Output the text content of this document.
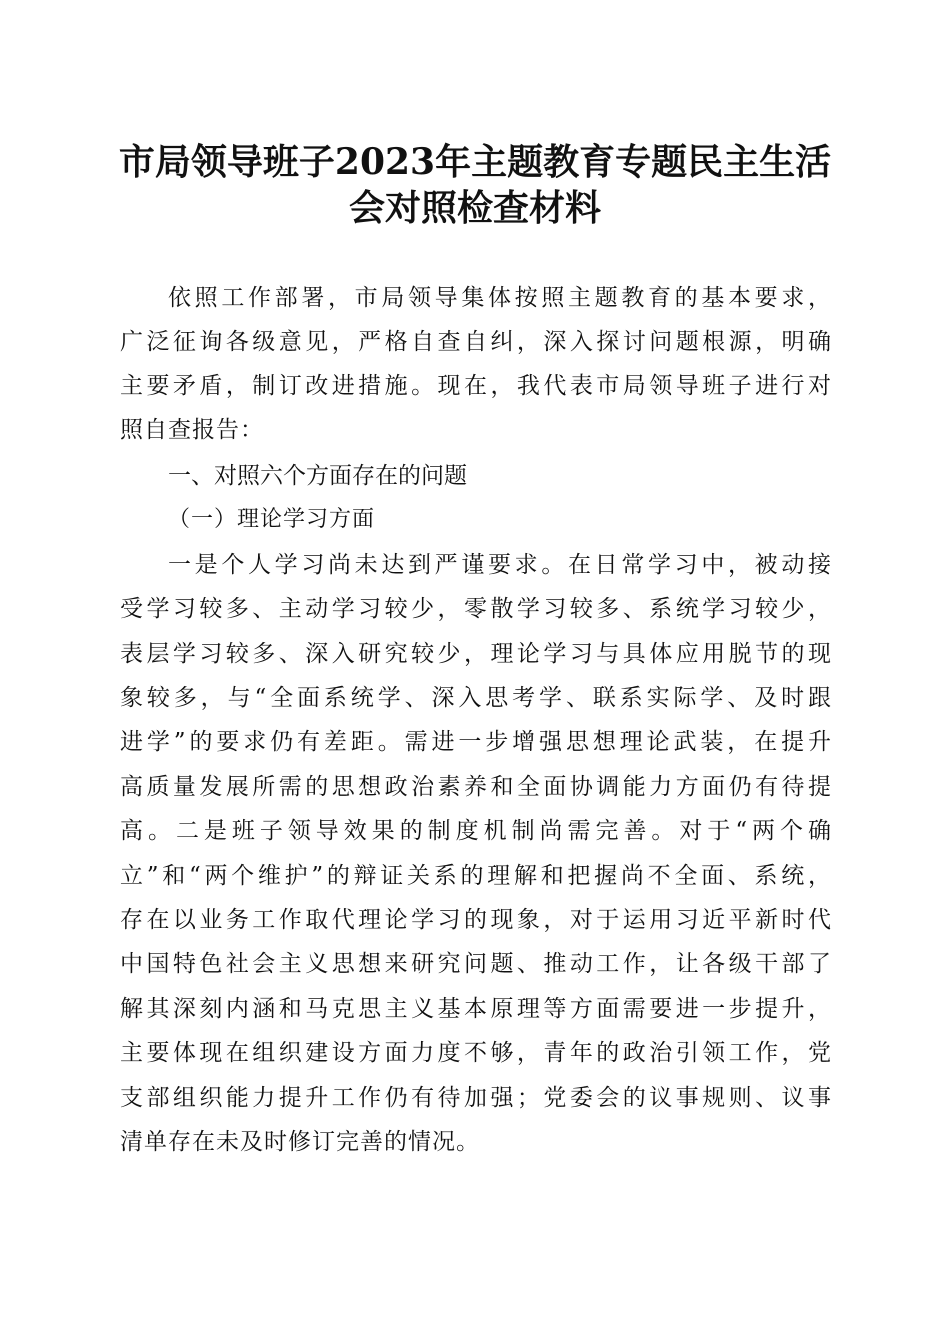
市局领导班子2023年主题教育专题民主生活
会对照检查材料
依照工作部署，市局领导集体按照主题教育的基本要求，
广泛征询各级意见，严格自查自纠，深入探讨问题根源，明确
主要矛盾，制订改进措施。现在，我代表市局领导班子进行对
照自查报告：
一、对照六个方面存在的问题
（一）理论学习方面
一是个人学习尚未达到严谨要求。在日常学习中，被动接
受学习较多、主动学习较少，零散学习较多、系统学习较少，
表层学习较多、深入研究较少，理论学习与具体应用脱节的现
象较多，与“全面系统学、深入思考学、联系实际学、及时跟
进学”的要求仍有差距。需进一步增强思想理论武装，在提升
高质量发展所需的思想政治素养和全面协调能力方面仍有待提
高。二是班子领导效果的制度机制尚需完善。对于“两个确
立”和“两个维护”的辩证关系的理解和把握尚不全面、系统，
存在以业务工作取代理论学习的现象，对于运用习近平新时代
中国特色社会主义思想来研究问题、推动工作，让各级干部了
解其深刻内涵和马克思主义基本原理等方面需要进一步提升，
主要体现在组织建设方面力度不够，青年的政治引领工作，党
支部组织能力提升工作仍有待加强；党委会的议事规则、议事
清单存在未及时修订完善的情况。
